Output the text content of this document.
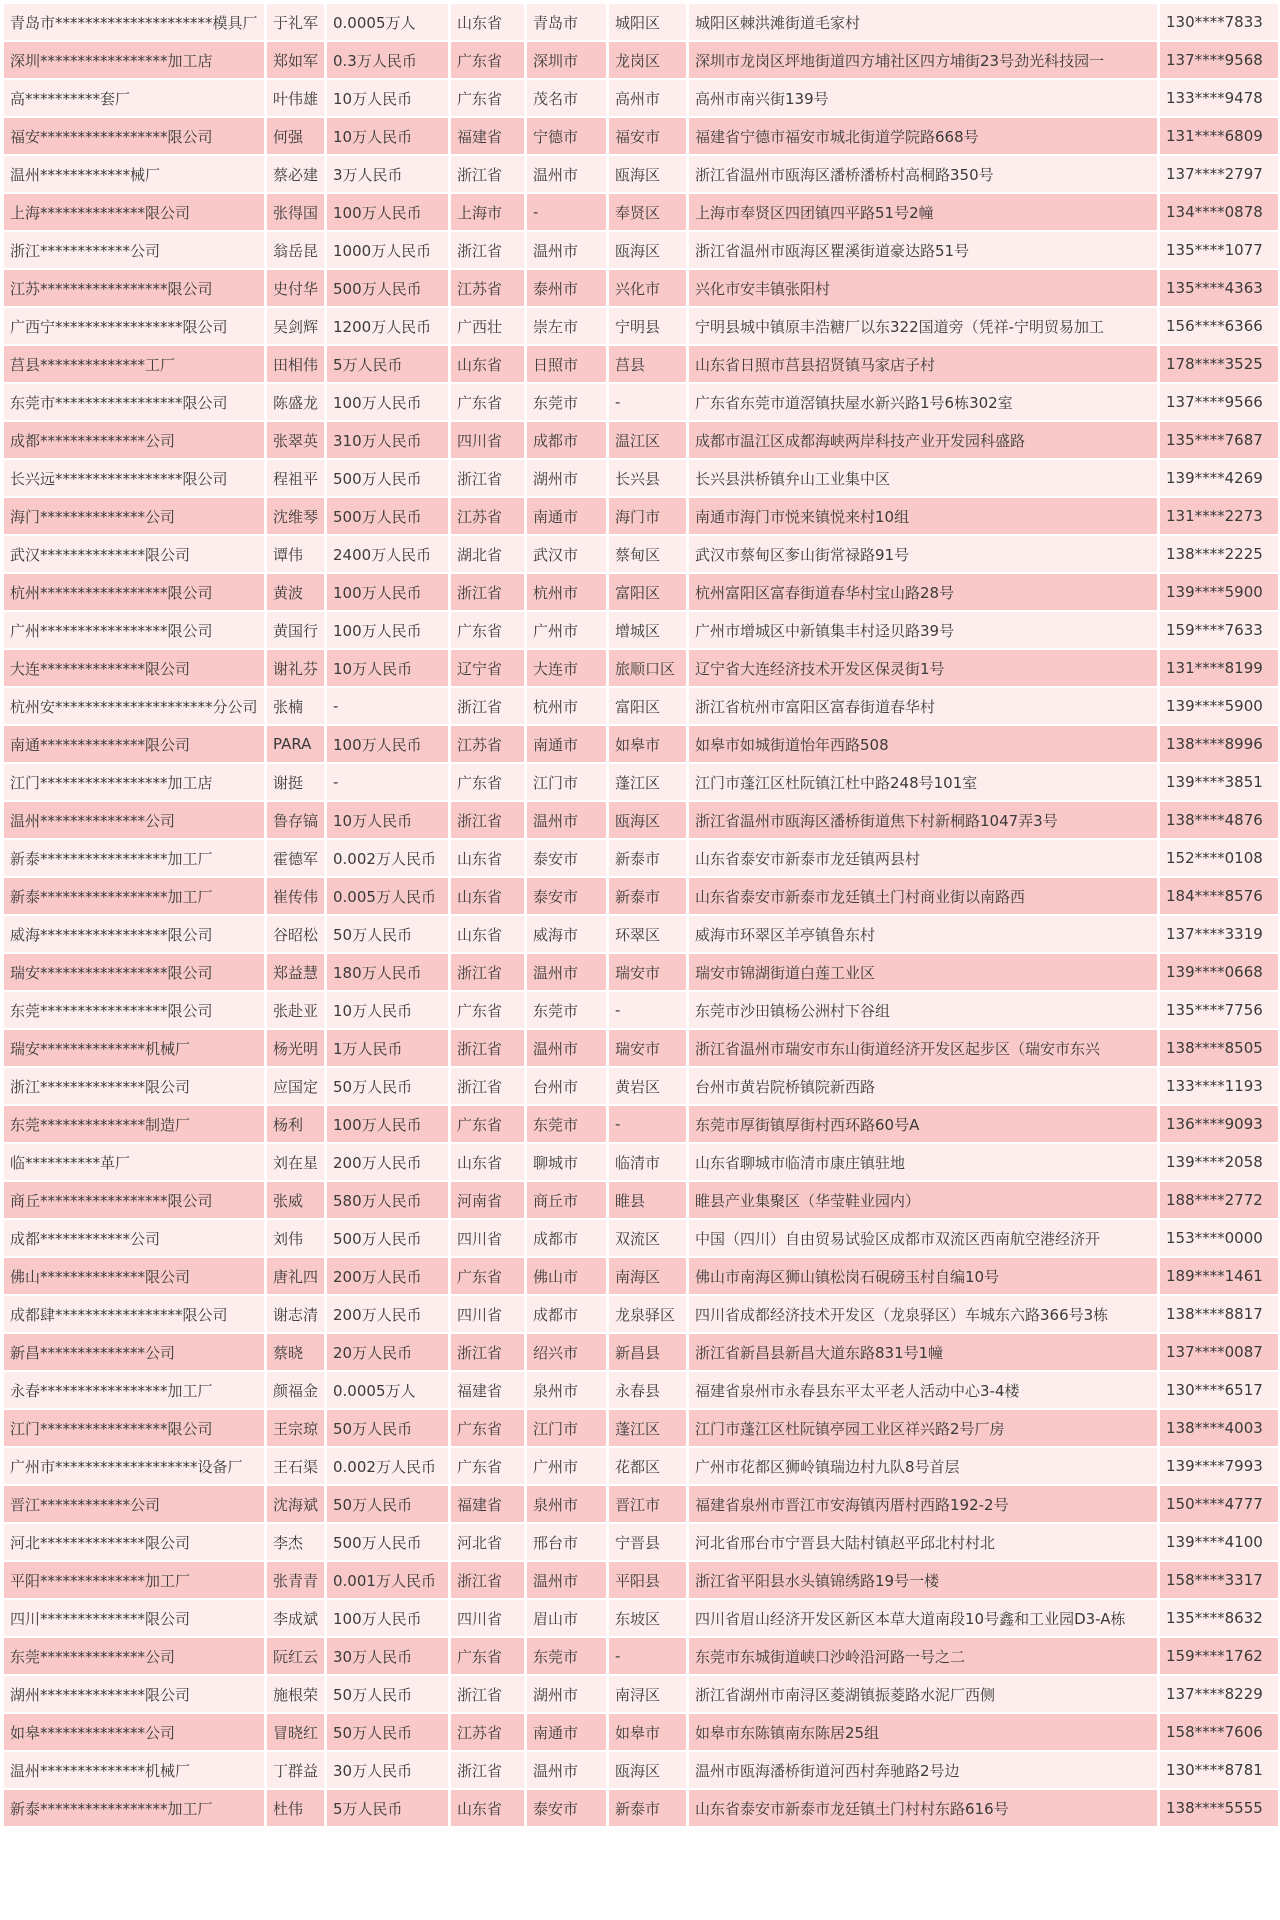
青岛市*********************模具厂	于礼军	0.0005万人	山东省	青岛市	城阳区	城阳区棘洪滩街道毛家村	130****7833
深圳*****************加工店	郑如军	0.3万人民币	广东省	深圳市	龙岗区	深圳市龙岗区坪地街道四方埔社区四方埔街23号劲光科技园一	137****9568
高**********套厂	叶伟雄	10万人民币	广东省	茂名市	高州市	高州市南兴街139号	133****9478
福安*****************限公司	何强	10万人民币	福建省	宁德市	福安市	福建省宁德市福安市城北街道学院路668号	131****6809
温州************械厂	蔡必建	3万人民币	浙江省	温州市	瓯海区	浙江省温州市瓯海区潘桥潘桥村高桐路350号	137****2797
上海**************限公司	张得国	100万人民币	上海市	-	奉贤区	上海市奉贤区四团镇四平路51号2幢	134****0878
浙江************公司	翁岳昆	1000万人民币	浙江省	温州市	瓯海区	浙江省温州市瓯海区瞿溪街道豪达路51号	135****1077
江苏*****************限公司	史付华	500万人民币	江苏省	泰州市	兴化市	兴化市安丰镇张阳村	135****4363
广西宁*****************限公司	吴剑辉	1200万人民币	广西壮	崇左市	宁明县	宁明县城中镇原丰浩糖厂以东322国道旁（凭祥-宁明贸易加工	156****6366
莒县**************工厂	田相伟	5万人民币	山东省	日照市	莒县	山东省日照市莒县招贤镇马家店子村	178****3525
东莞市*****************限公司	陈盛龙	100万人民币	广东省	东莞市	-	广东省东莞市道滘镇扶屋水新兴路1号6栋302室	137****9566
成都**************公司	张翠英	310万人民币	四川省	成都市	温江区	成都市温江区成都海峡两岸科技产业开发园科盛路	135****7687
长兴远*****************限公司	程祖平	500万人民币	浙江省	湖州市	长兴县	长兴县洪桥镇弁山工业集中区	139****4269
海门**************公司	沈维琴	500万人民币	江苏省	南通市	海门市	南通市海门市悦来镇悦来村10组	131****2273
武汉**************限公司	谭伟	2400万人民币	湖北省	武汉市	蔡甸区	武汉市蔡甸区奓山街常禄路91号	138****2225
杭州*****************限公司	黄波	100万人民币	浙江省	杭州市	富阳区	杭州富阳区富春街道春华村宝山路28号	139****5900
广州*****************限公司	黄国行	100万人民币	广东省	广州市	增城区	广州市增城区中新镇集丰村迳贝路39号	159****7633
大连**************限公司	谢礼芬	10万人民币	辽宁省	大连市	旅顺口区	辽宁省大连经济技术开发区保灵街1号	131****8199
杭州安*********************分公司	张楠	-	浙江省	杭州市	富阳区	浙江省杭州市富阳区富春街道春华村	139****5900
南通**************限公司	PARA	100万人民币	江苏省	南通市	如皋市	如皋市如城街道怡年西路508	138****8996
江门*****************加工店	谢挺	-	广东省	江门市	蓬江区	江门市蓬江区杜阮镇江杜中路248号101室	139****3851
温州**************公司	鲁存镐	10万人民币	浙江省	温州市	瓯海区	浙江省温州市瓯海区潘桥街道焦下村新桐路1047弄3号	138****4876
新泰*****************加工厂	霍德军	0.002万人民币	山东省	泰安市	新泰市	山东省泰安市新泰市龙廷镇两县村	152****0108
新泰*****************加工厂	崔传伟	0.005万人民币	山东省	泰安市	新泰市	山东省泰安市新泰市龙廷镇土门村商业街以南路西	184****8576
威海*****************限公司	谷昭松	50万人民币	山东省	威海市	环翠区	威海市环翠区羊亭镇鲁东村	137****3319
瑞安*****************限公司	郑益慧	180万人民币	浙江省	温州市	瑞安市	瑞安市锦湖街道白莲工业区	139****0668
东莞*****************限公司	张赴亚	10万人民币	广东省	东莞市	-	东莞市沙田镇杨公洲村下谷组	135****7756
瑞安**************机械厂	杨光明	1万人民币	浙江省	温州市	瑞安市	浙江省温州市瑞安市东山街道经济开发区起步区（瑞安市东兴	138****8505
浙江**************限公司	应国定	50万人民币	浙江省	台州市	黄岩区	台州市黄岩院桥镇院新西路	133****1193
东莞**************制造厂	杨利	100万人民币	广东省	东莞市	-	东莞市厚街镇厚街村西环路60号A	136****9093
临**********革厂	刘在星	200万人民币	山东省	聊城市	临清市	山东省聊城市临清市康庄镇驻地	139****2058
商丘*****************限公司	张威	580万人民币	河南省	商丘市	睢县	睢县产业集聚区（华莹鞋业园内）	188****2772
成都************公司	刘伟	500万人民币	四川省	成都市	双流区	中国（四川）自由贸易试验区成都市双流区西南航空港经济开	153****0000
佛山**************限公司	唐礼四	200万人民币	广东省	佛山市	南海区	佛山市南海区狮山镇松岗石硯磅玉村自编10号	189****1461
成都肆*****************限公司	谢志清	200万人民币	四川省	成都市	龙泉驿区	四川省成都经济技术开发区（龙泉驿区）车城东六路366号3栋	138****8817
新昌**************公司	蔡晓	20万人民币	浙江省	绍兴市	新昌县	浙江省新昌县新昌大道东路831号1幢	137****0087
永春*****************加工厂	颜福金	0.0005万人	福建省	泉州市	永春县	福建省泉州市永春县东平太平老人活动中心3-4楼	130****6517
江门*****************限公司	王宗琼	50万人民币	广东省	江门市	蓬江区	江门市蓬江区杜阮镇亭园工业区祥兴路2号厂房	138****4003
广州市*******************设备厂	王石渠	0.002万人民币	广东省	广州市	花都区	广州市花都区狮岭镇瑞边村九队8号首层	139****7993
晋江************公司	沈海斌	50万人民币	福建省	泉州市	晋江市	福建省泉州市晋江市安海镇丙厝村西路192-2号	150****4777
河北**************限公司	李杰	500万人民币	河北省	邢台市	宁晋县	河北省邢台市宁晋县大陆村镇赵平邱北村村北	139****4100
平阳**************加工厂	张青青	0.001万人民币	浙江省	温州市	平阳县	浙江省平阳县水头镇锦绣路19号一楼	158****3317
四川**************限公司	李成斌	100万人民币	四川省	眉山市	东坡区	四川省眉山经济开发区新区本草大道南段10号鑫和工业园D3-A栋	135****8632
东莞**************公司	阮红云	30万人民币	广东省	东莞市	-	东莞市东城街道峡口沙岭沿河路一号之二	159****1762
湖州**************限公司	施根荣	50万人民币	浙江省	湖州市	南浔区	浙江省湖州市南浔区菱湖镇振菱路水泥厂西侧	137****8229
如皋**************公司	冒晓红	50万人民币	江苏省	南通市	如皋市	如皋市东陈镇南东陈居25组	158****7606
温州**************机械厂	丁群益	30万人民币	浙江省	温州市	瓯海区	温州市瓯海潘桥街道河西村奔驰路2号边	130****8781
新泰*****************加工厂	杜伟	5万人民币	山东省	泰安市	新泰市	山东省泰安市新泰市龙廷镇土门村村东路616号	138****5555
